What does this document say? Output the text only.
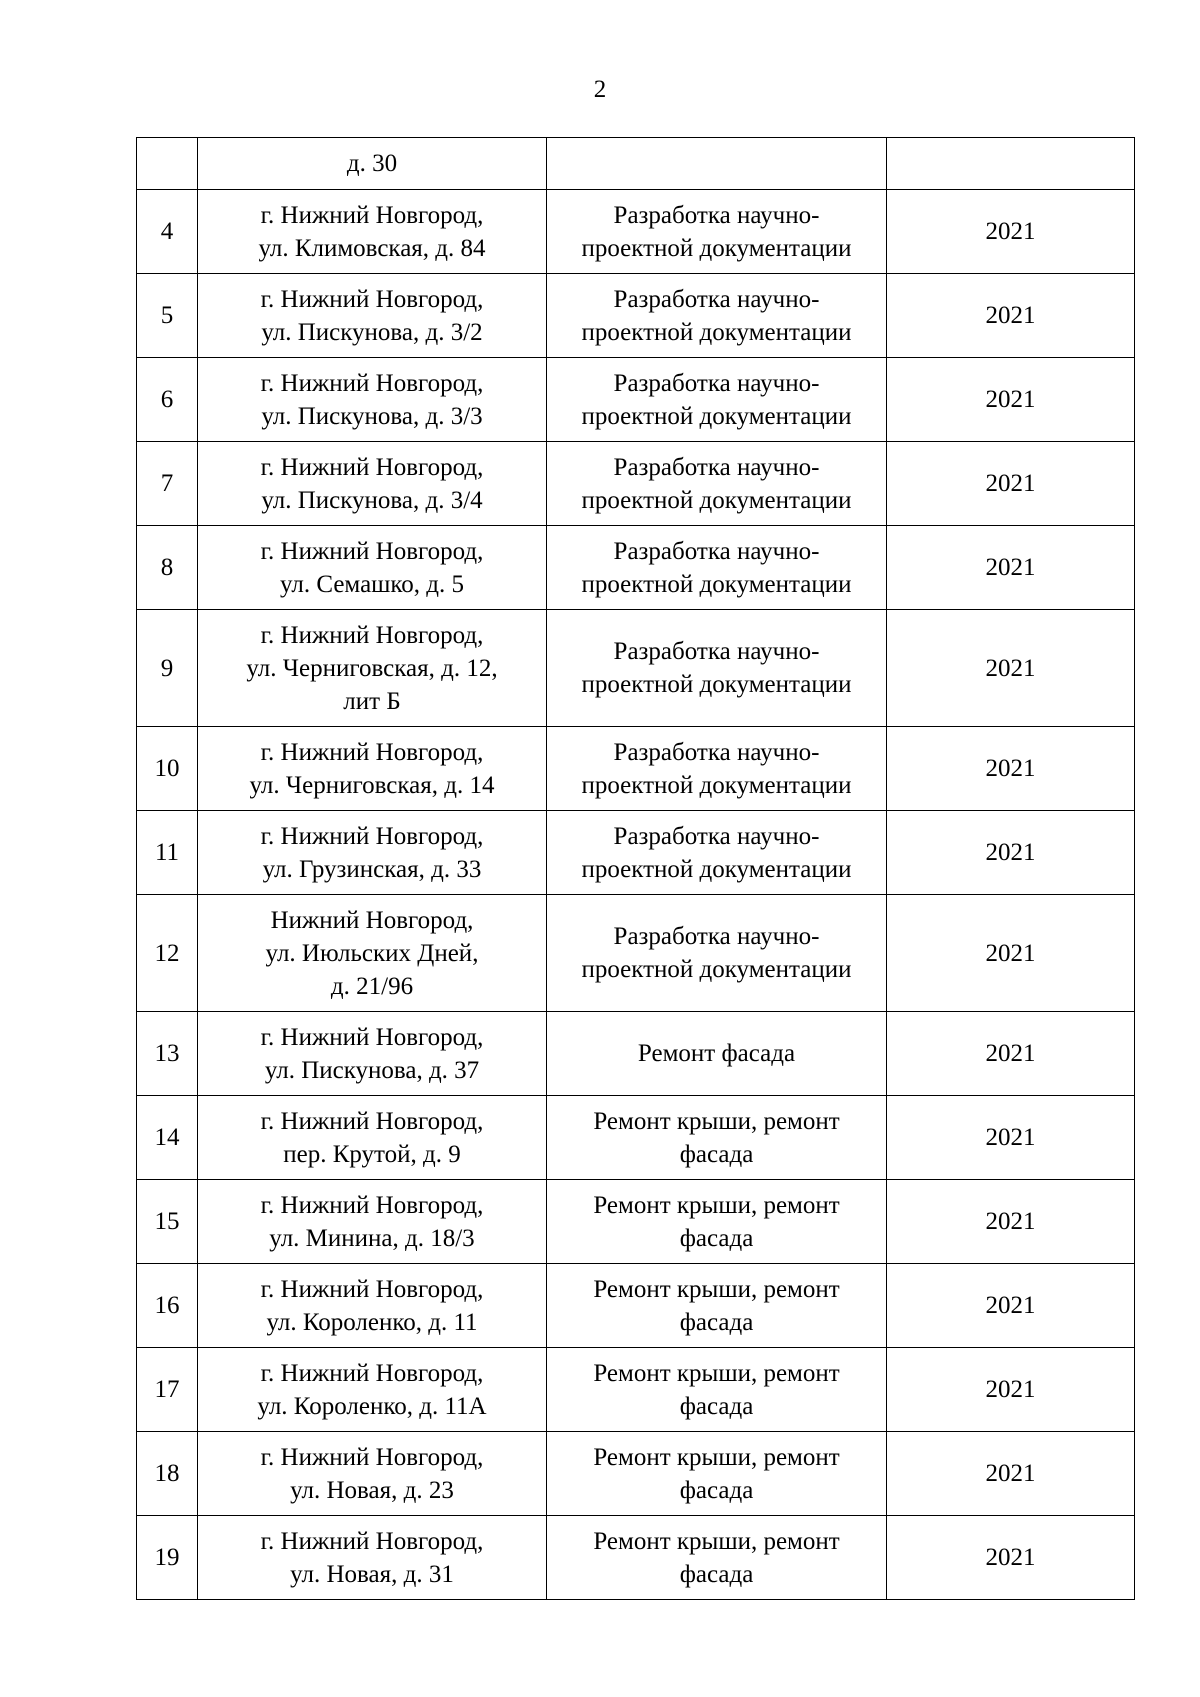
2

	д. 30		

4	г. Нижний Новгород,
ул. Климовская, д. 84	Разработка научно-
проектной документации	2021
5	г. Нижний Новгород,
ул. Пискунова, д. 3/2	Разработка научно-
проектной документации	2021
6	г. Нижний Новгород,
ул. Пискунова, д. 3/3	Разработка научно-
проектной документации	2021
7	г. Нижний Новгород,
ул. Пискунова, д. 3/4	Разработка научно-
проектной документации	2021
8	г. Нижний Новгород,
ул. Семашко, д. 5	Разработка научно-
проектной документации	2021
9	г. Нижний Новгород,
ул. Черниговская, д. 12,
лит Б	Разработка научно-
проектной документации	2021
10	г. Нижний Новгород,
ул. Черниговская, д. 14	Разработка научно-
проектной документации	2021
11	г. Нижний Новгород,
ул. Грузинская, д. 33	Разработка научно-
проектной документации	2021
12	Нижний Новгород,
ул. Июльских Дней,
д. 21/96	Разработка научно-
проектной документации	2021
13	г. Нижний Новгород,
ул. Пискунова, д. 37	Ремонт фасада	2021
14	г. Нижний Новгород,
пер. Крутой, д. 9	Ремонт крыши, ремонт
фасада	2021
15	г. Нижний Новгород,
ул. Минина, д. 18/3	Ремонт крыши, ремонт
фасада	2021
16	г. Нижний Новгород,
ул. Короленко, д. 11	Ремонт крыши, ремонт
фасада	2021
17	г. Нижний Новгород,
ул. Короленко, д. 11А	Ремонт крыши, ремонт
фасада	2021
18	г. Нижний Новгород,
ул. Новая, д. 23	Ремонт крыши, ремонт
фасада	2021
19	г. Нижний Новгород,
ул. Новая, д. 31	Ремонт крыши, ремонт
фасада	2021
